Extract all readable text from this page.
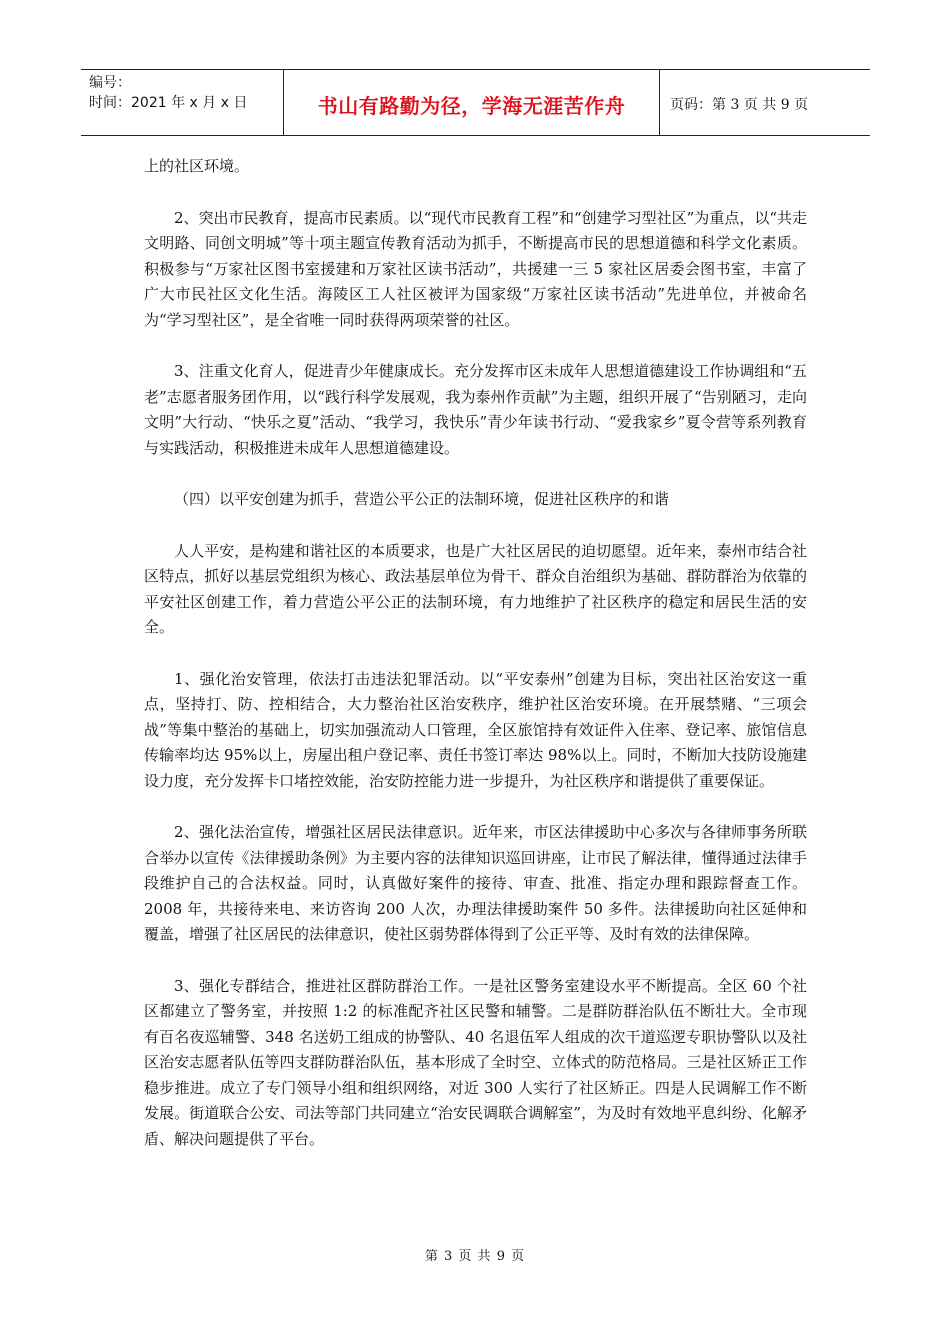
编号：
时间：2021 年 x 月 x 日	书山有路勤为径，学海无涯苦作舟	页码：第 3 页 共 9 页

上的社区环境。

2、突出市民教育，提高市民素质。以“现代市民教育工程”和“创建学习型社区”为重点，以“共走文明路、同创文明城”等十项主题宣传教育活动为抓手，不断提高市民的思想道德和科学文化素质。积极参与“万家社区图书室援建和万家社区读书活动”，共援建一三 5 家社区居委会图书室，丰富了广大市民社区文化生活。海陵区工人社区被评为国家级“万家社区读书活动”先进单位，并被命名为“学习型社区”，是全省唯一同时获得两项荣誉的社区。

3、注重文化育人，促进青少年健康成长。充分发挥市区未成年人思想道德建设工作协调组和“五老”志愿者服务团作用，以“践行科学发展观，我为泰州作贡献”为主题，组织开展了“告别陋习，走向文明”大行动、“快乐之夏”活动、“我学习，我快乐”青少年读书行动、“爱我家乡”夏令营等系列教育与实践活动，积极推进未成年人思想道德建设。

（四）以平安创建为抓手，营造公平公正的法制环境，促进社区秩序的和谐

人人平安，是构建和谐社区的本质要求，也是广大社区居民的迫切愿望。近年来，泰州市结合社区特点，抓好以基层党组织为核心、政法基层单位为骨干、群众自治组织为基础、群防群治为依靠的平安社区创建工作，着力营造公平公正的法制环境，有力地维护了社区秩序的稳定和居民生活的安全。

1、强化治安管理，依法打击违法犯罪活动。以“平安泰州”创建为目标，突出社区治安这一重点，坚持打、防、控相结合，大力整治社区治安秩序，维护社区治安环境。在开展禁赌、“三项会战”等集中整治的基础上，切实加强流动人口管理，全区旅馆持有效证件入住率、登记率、旅馆信息传输率均达 95%以上，房屋出租户登记率、责任书签订率达 98%以上。同时，不断加大技防设施建设力度，充分发挥卡口堵控效能，治安防控能力进一步提升，为社区秩序和谐提供了重要保证。

2、强化法治宣传，增强社区居民法律意识。近年来，市区法律援助中心多次与各律师事务所联合举办以宣传《法律援助条例》为主要内容的法律知识巡回讲座，让市民了解法律，懂得通过法律手段维护自己的合法权益。同时，认真做好案件的接待、审查、批准、指定办理和跟踪督查工作。2008 年，共接待来电、来访咨询 200 人次，办理法律援助案件 50 多件。法律援助向社区延伸和覆盖，增强了社区居民的法律意识，使社区弱势群体得到了公正平等、及时有效的法律保障。

3、强化专群结合，推进社区群防群治工作。一是社区警务室建设水平不断提高。全区 60 个社区都建立了警务室，并按照 1:2 的标准配齐社区民警和辅警。二是群防群治队伍不断壮大。全市现有百名夜巡辅警、348 名送奶工组成的协警队、40 名退伍军人组成的次干道巡逻专职协警队以及社区治安志愿者队伍等四支群防群治队伍，基本形成了全时空、立体式的防范格局。三是社区矫正工作稳步推进。成立了专门领导小组和组织网络，对近 300 人实行了社区矫正。四是人民调解工作不断发展。街道联合公安、司法等部门共同建立“治安民调联合调解室”，为及时有效地平息纠纷、化解矛盾、解决问题提供了平台。

第 3 页 共 9 页
